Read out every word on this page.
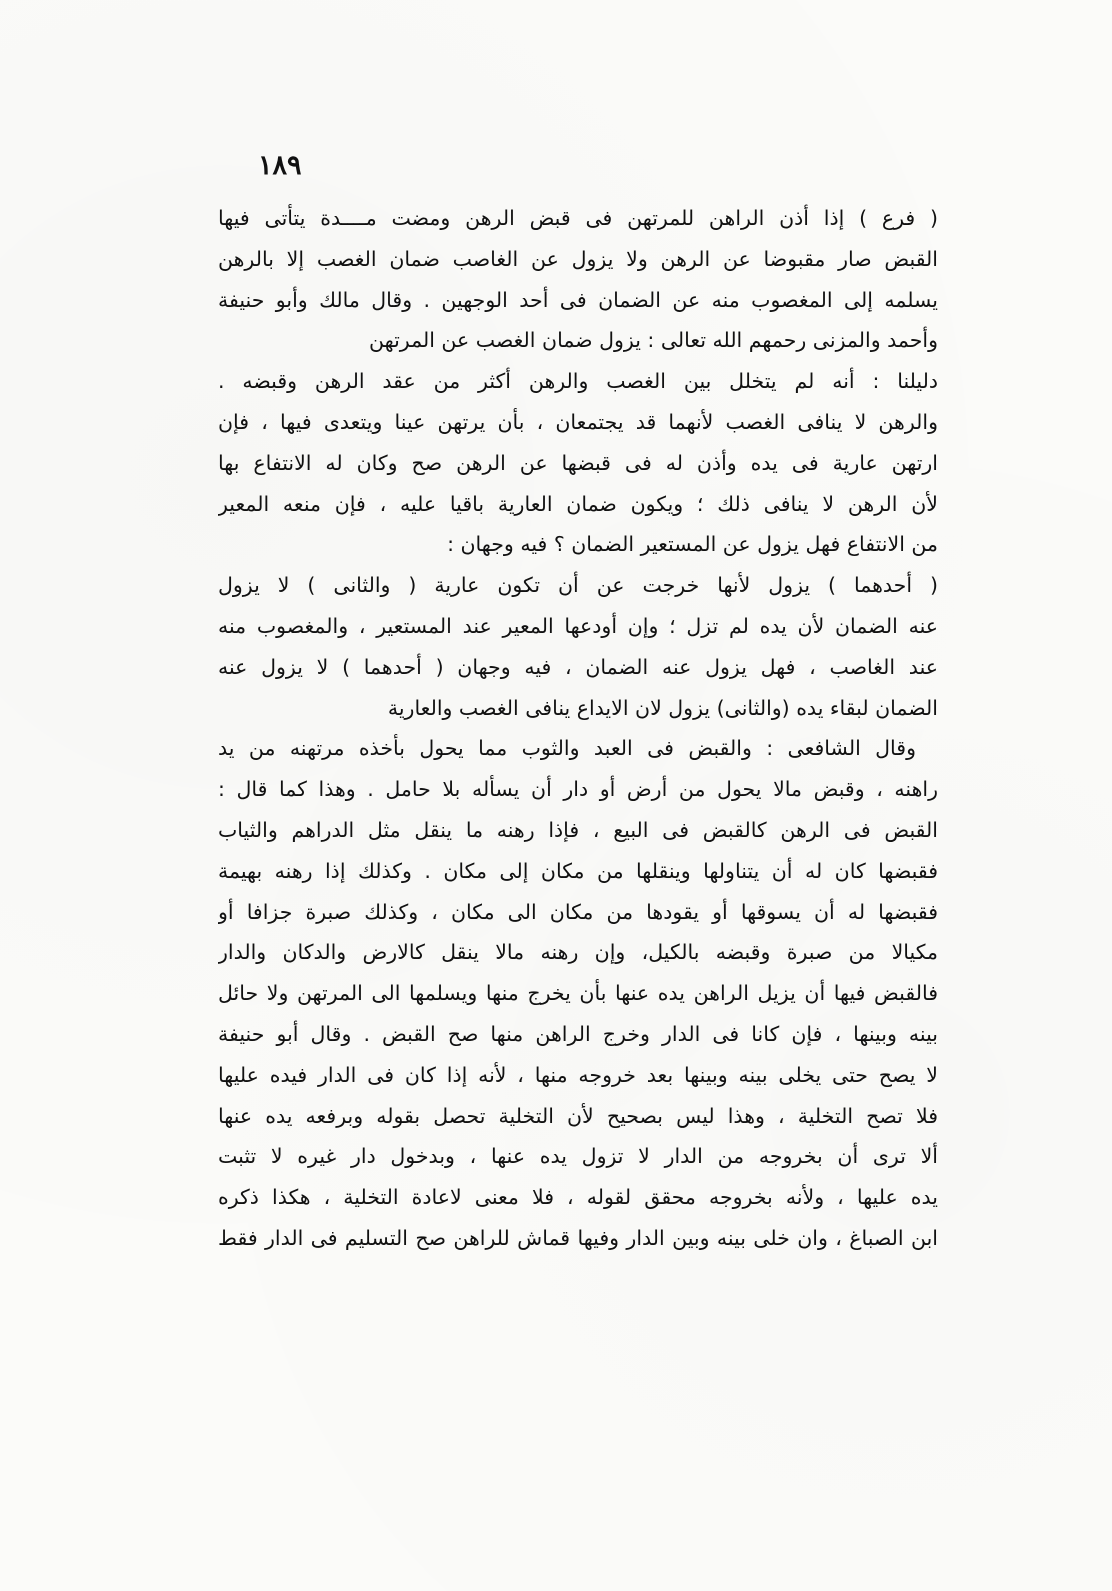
١٨٩
( فرع ) إذا أذن الراهن للمرتهن فى قبض الرهن ومضت مــــدة يتأتى فيها
القبض صار مقبوضا عن الرهن ولا يزول عن الغاصب ضمان الغصب إلا بالرهن
يسلمه إلى المغصوب منه عن الضمان فى أحد الوجهين . وقال مالك وأبو حنيفة
وأحمد والمزنى رحمهم الله تعالى : يزول ضمان الغصب عن المرتهن
دليلنا : أنه لم يتخلل بين الغصب والرهن أكثر من عقد الرهن وقبضه .
والرهن لا ينافى الغصب لأنهما قد يجتمعان ، بأن يرتهن عينا ويتعدى فيها ، فإن
ارتهن عارية فى يده وأذن له فى قبضها عن الرهن صح وكان له الانتفاع بها
لأن الرهن لا ينافى ذلك ؛ ويكون ضمان العارية باقيا عليه ، فإن منعه المعير
من الانتفاع فهل يزول عن المستعير الضمان ؟ فيه وجهان :
( أحدهما ) يزول لأنها خرجت عن أن تكون عارية ( والثانى ) لا يزول
عنه الضمان لأن يده لم تزل ؛ وإن أودعها المعير عند المستعير ، والمغصوب منه
عند الغاصب ، فهل يزول عنه الضمان ، فيه وجهان ( أحدهما ) لا يزول عنه
الضمان لبقاء يده (والثانى) يزول لان الايداع ينافى الغصب والعارية
وقال الشافعى : والقبض فى العبد والثوب مما يحول بأخذه مرتهنه من يد
راهنه ، وقبض مالا يحول من أرض أو دار أن يسأله بلا حامل . وهذا كما قال :
القبض فى الرهن كالقبض فى البيع ، فإذا رهنه ما ينقل مثل الدراهم والثياب
فقبضها كان له أن يتناولها وينقلها من مكان إلى مكان . وكذلك إذا رهنه بهيمة
فقبضها له أن يسوقها أو يقودها من مكان الى مكان ، وكذلك صبرة جزافا أو
مكيالا من صبرة وقبضه بالكيل، وإن رهنه مالا ينقل كالارض والدكان والدار
فالقبض فيها أن يزيل الراهن يده عنها بأن يخرج منها ويسلمها الى المرتهن ولا حائل
بينه وبينها ، فإن كانا فى الدار وخرج الراهن منها صح القبض . وقال أبو حنيفة
لا يصح حتى يخلى بينه وبينها بعد خروجه منها ، لأنه إذا كان فى الدار فيده عليها
فلا تصح التخلية ، وهذا ليس بصحيح لأن التخلية تحصل بقوله وبرفعه يده عنها
ألا ترى أن بخروجه من الدار لا تزول يده عنها ، وبدخول دار غيره لا تثبت
يده عليها ، ولأنه بخروجه محقق لقوله ، فلا معنى لاعادة التخلية ، هكذا ذكره
ابن الصباغ ، وان خلى بينه وبين الدار وفيها قماش للراهن صح التسليم فى الدار فقط
